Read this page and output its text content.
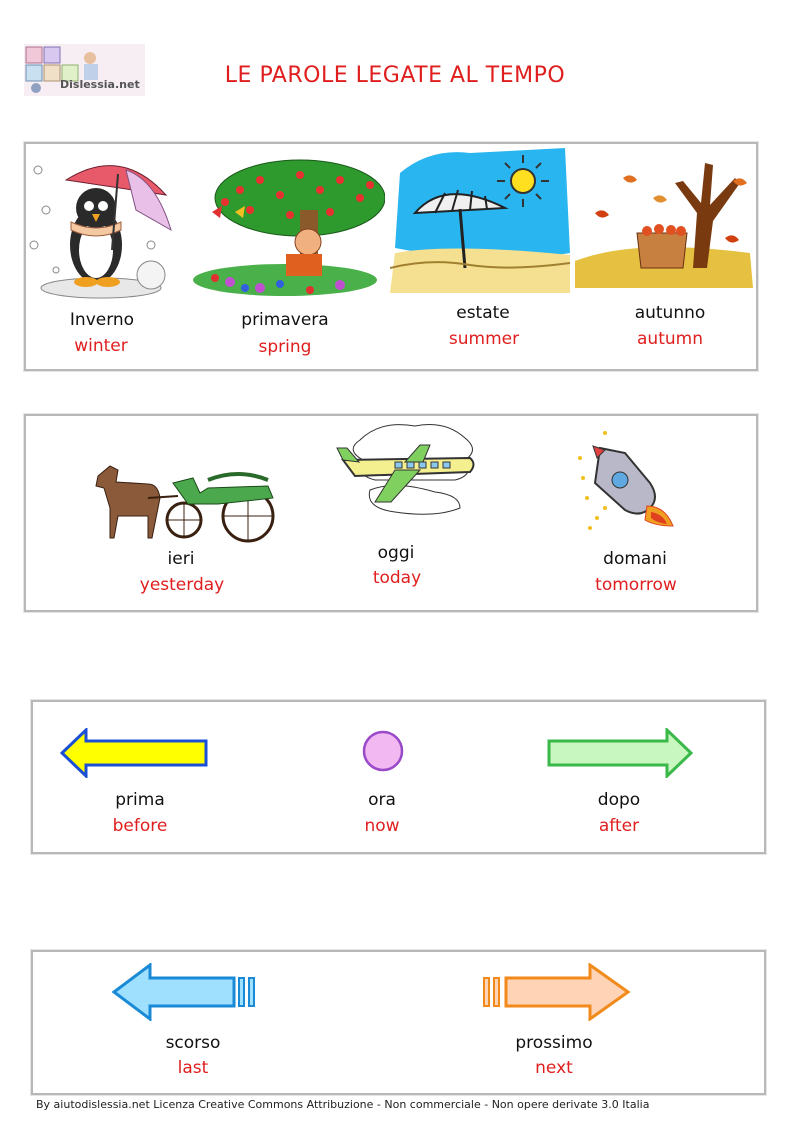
Dislessia.net	LE PAROLE LEGATE AL TEMPO
Inverno
winter
primavera
spring
estate
summer
autunno
autumn
ieri
yesterday
oggi
today
domani
tomorrow
prima
before
ora
now
dopo
after
scorso
last
prossimo
next
By aiutodislessia.net Licenza Creative Commons Attribuzione - Non commerciale - Non opere derivate 3.0 Italia
